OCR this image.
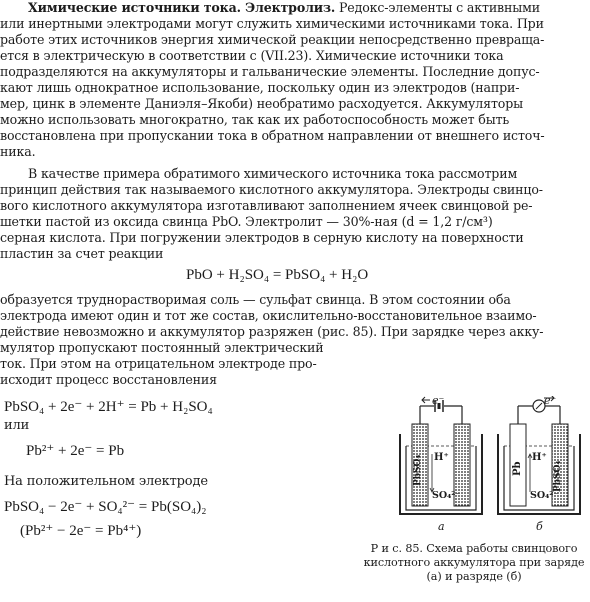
Химические источники тока. Электролиз. Редокс-элементы с активными
или инертными электродами могут служить химическими источниками тока. При
работе этих источников энергия химической реакции непосредственно превраща-
ется в электрическую в соответствии с (VII.23). Химические источники тока
подразделяются на аккумуляторы и гальванические элементы. Последние допус-
кают лишь однократное использование, поскольку один из электродов (напри-
мер, цинк в элементе Даниэля–Якоби) необратимо расходуется. Аккумуляторы
можно использовать многократно, так как их работоспособность может быть
восстановлена при пропускании тока в обратном направлении от внешнего источ-
ника.
В качестве примера обратимого химического источника тока рассмотрим
принцип действия так называемого кислотного аккумулятора. Электроды свинцо-
вого кислотного аккумулятора изготавливают заполнением ячеек свинцовой ре-
шетки пастой из оксида свинца PbO. Электролит — 30%-ная (d = 1,2 г/см³)
серная кислота. При погружении электродов в серную кислоту на поверхности
пластин за счет реакции
PbO + H₂SO₄ = PbSO₄ + H₂O
образуется труднорастворимая соль — сульфат свинца. В этом состоянии оба
электрода имеют один и тот же состав, окислительно-восстановительное взаимо-
действие невозможно и аккумулятор разряжен (рис. 85). При зарядке через акку-
мулятор пропускают постоянный электрический
ток. При этом на отрицательном электроде про-
исходит процесс восстановления
PbSO₄ + 2e⁻ + 2H⁺ = Pb + H₂SO₄
или
Pb²⁺ + 2e⁻ = Pb
На положительном электроде
PbSO₄ − 2e⁻ + SO₄²⁻ = Pb(SO₄)₂
(Pb²⁺ − 2e⁻ = Pb⁴⁺)
e⁻	e⁻
PbSO₄ H⁺
SO₄²⁻
Pb
H⁺
SO₄²⁻
PbSO₄
а	б
Р и с. 85. Схема работы свинцового кислотного аккумулятора при заряде (а) и разряде (б)
